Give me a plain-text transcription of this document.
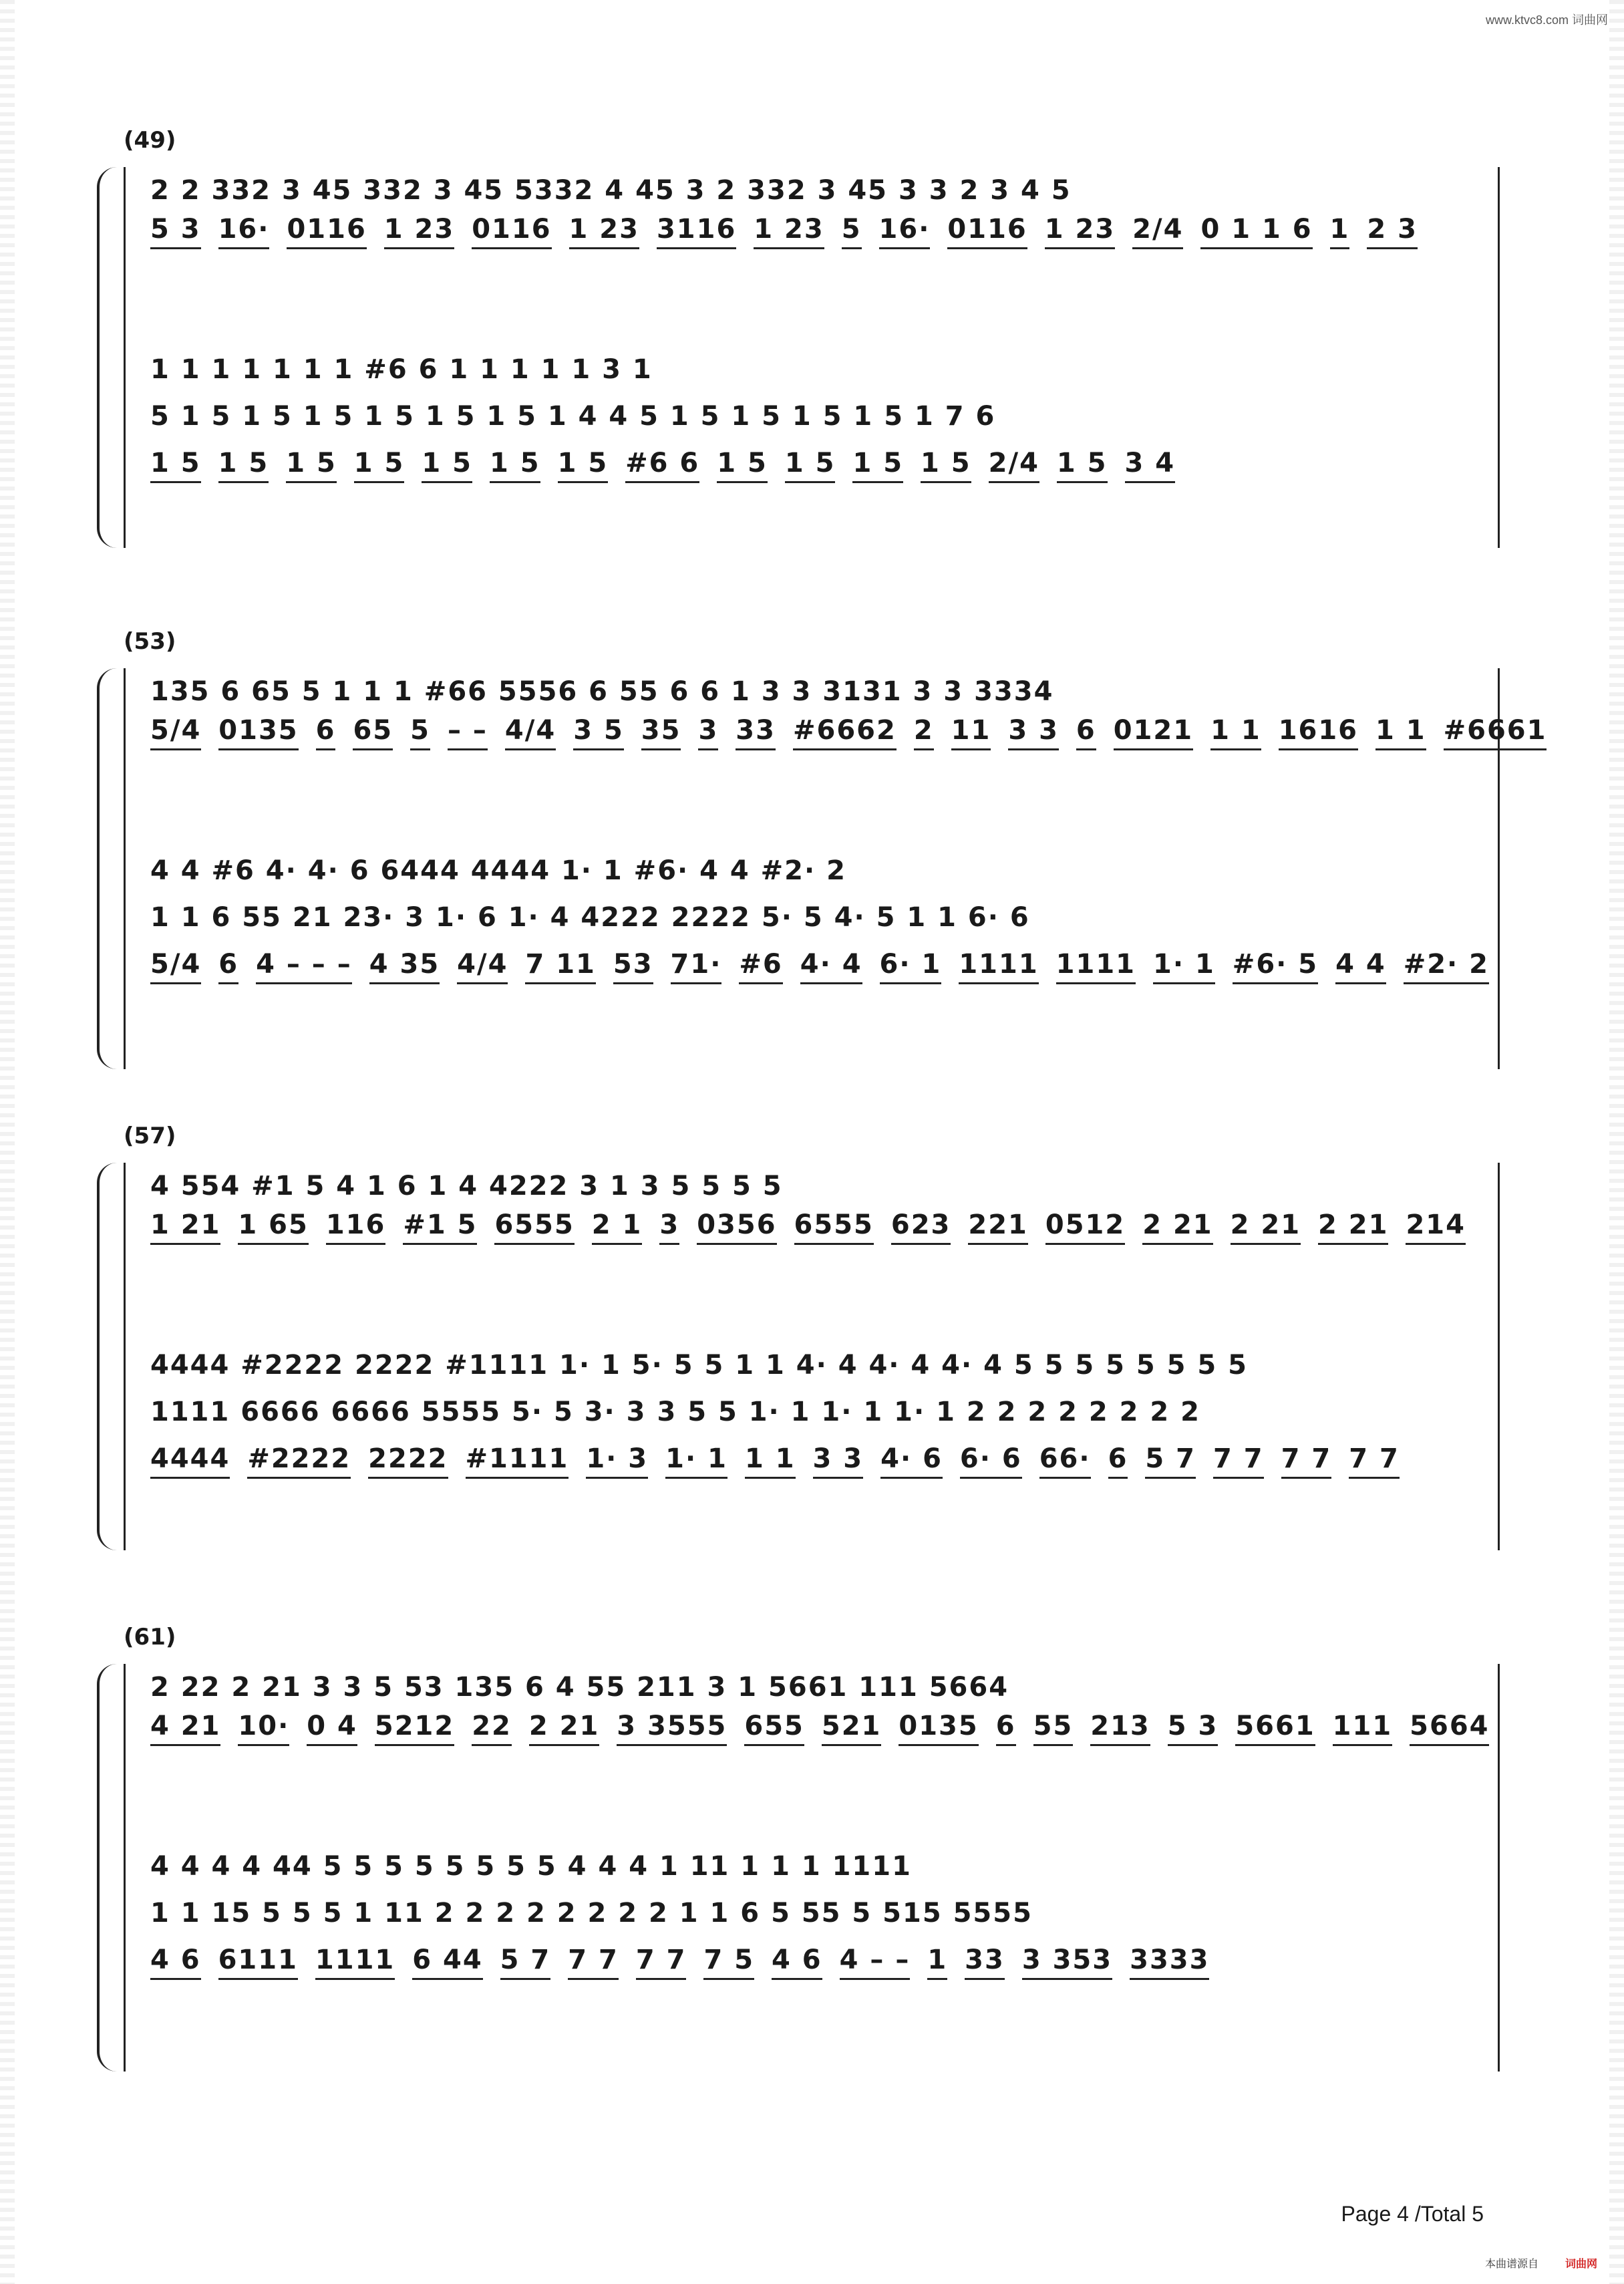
www.ktvc8.com 词曲网
(49)
2 2 332 3 45 332 3 45 5332 4 45 3 2 332 3 45 3 3 2 3 4 5
5 3 16· 0116 1 23 0116 1 23 3116 1 23 5 16· 0116 1 23 2/4 0 1 1 6 1 2 3
1 1 1 1 1 1 1 #6 6 1 1 1 1 1 3 1
5 1 5 1 5 1 5 1 5 1 5 1 5 1 4 4 5 1 5 1 5 1 5 1 5 1 7 6
1 5 1 5 1 5 1 5 1 5 1 5 1 5 #6 6 1 5 1 5 1 5 1 5 2/4 1 5 3 4
(53)
135 6 65 5 1 1 1 #66 5556 6 55 6 6 1 3 3 3131 3 3 3334
5/4 0135 6 65 5 – – 4/4 3 5 35 3 33 #6662 2 11 3 3 6 0121 1 1 1616 1 1 #6661
4 4 #6 4· 4· 6 6444 4444 1· 1 #6· 4 4 #2· 2
1 1 6 55 21 23· 3 1· 6 1· 4 4222 2222 5· 5 4· 5 1 1 6· 6
5/4 6 4 – – – 4 35 4/4 7 11 53 71· #6 4· 4 6· 1 1111 1111 1· 1 #6· 5 4 4 #2· 2
(57)
4 554 #1 5 4 1 6 1 4 4222 3 1 3 5 5 5 5
1 21 1 65 116 #1 5 6555 2 1 3 0356 6555 623 221 0512 2 21 2 21 2 21 214
4444 #2222 2222 #1111 1· 1 5· 5 5 1 1 4· 4 4· 4 4· 4 5 5 5 5 5 5 5 5
1111 6666 6666 5555 5· 5 3· 3 3 5 5 1· 1 1· 1 1· 1 2 2 2 2 2 2 2 2
4444 #2222 2222 #1111 1· 3 1· 1 1 1 3 3 4· 6 6· 6 66· 6 5 7 7 7 7 7 7 7
(61)
2 22 2 21 3 3 5 53 135 6 4 55 211 3 1 5661 111 5664
4 21 10· 0 4 5212 22 2 21 3 3555 655 521 0135 6 55 213 5 3 5661 111 5664
4 4 4 4 44 5 5 5 5 5 5 5 5 4 4 4 1 11 1 1 1 1111
1 1 15 5 5 5 1 11 2 2 2 2 2 2 2 2 1 1 6 5 55 5 515 5555
4 6 6111 1111 6 44 5 7 7 7 7 7 7 5 4 6 4 – – 1 33 3 353 3333
Page 4 /Total 5
本曲谱源自	词曲网
